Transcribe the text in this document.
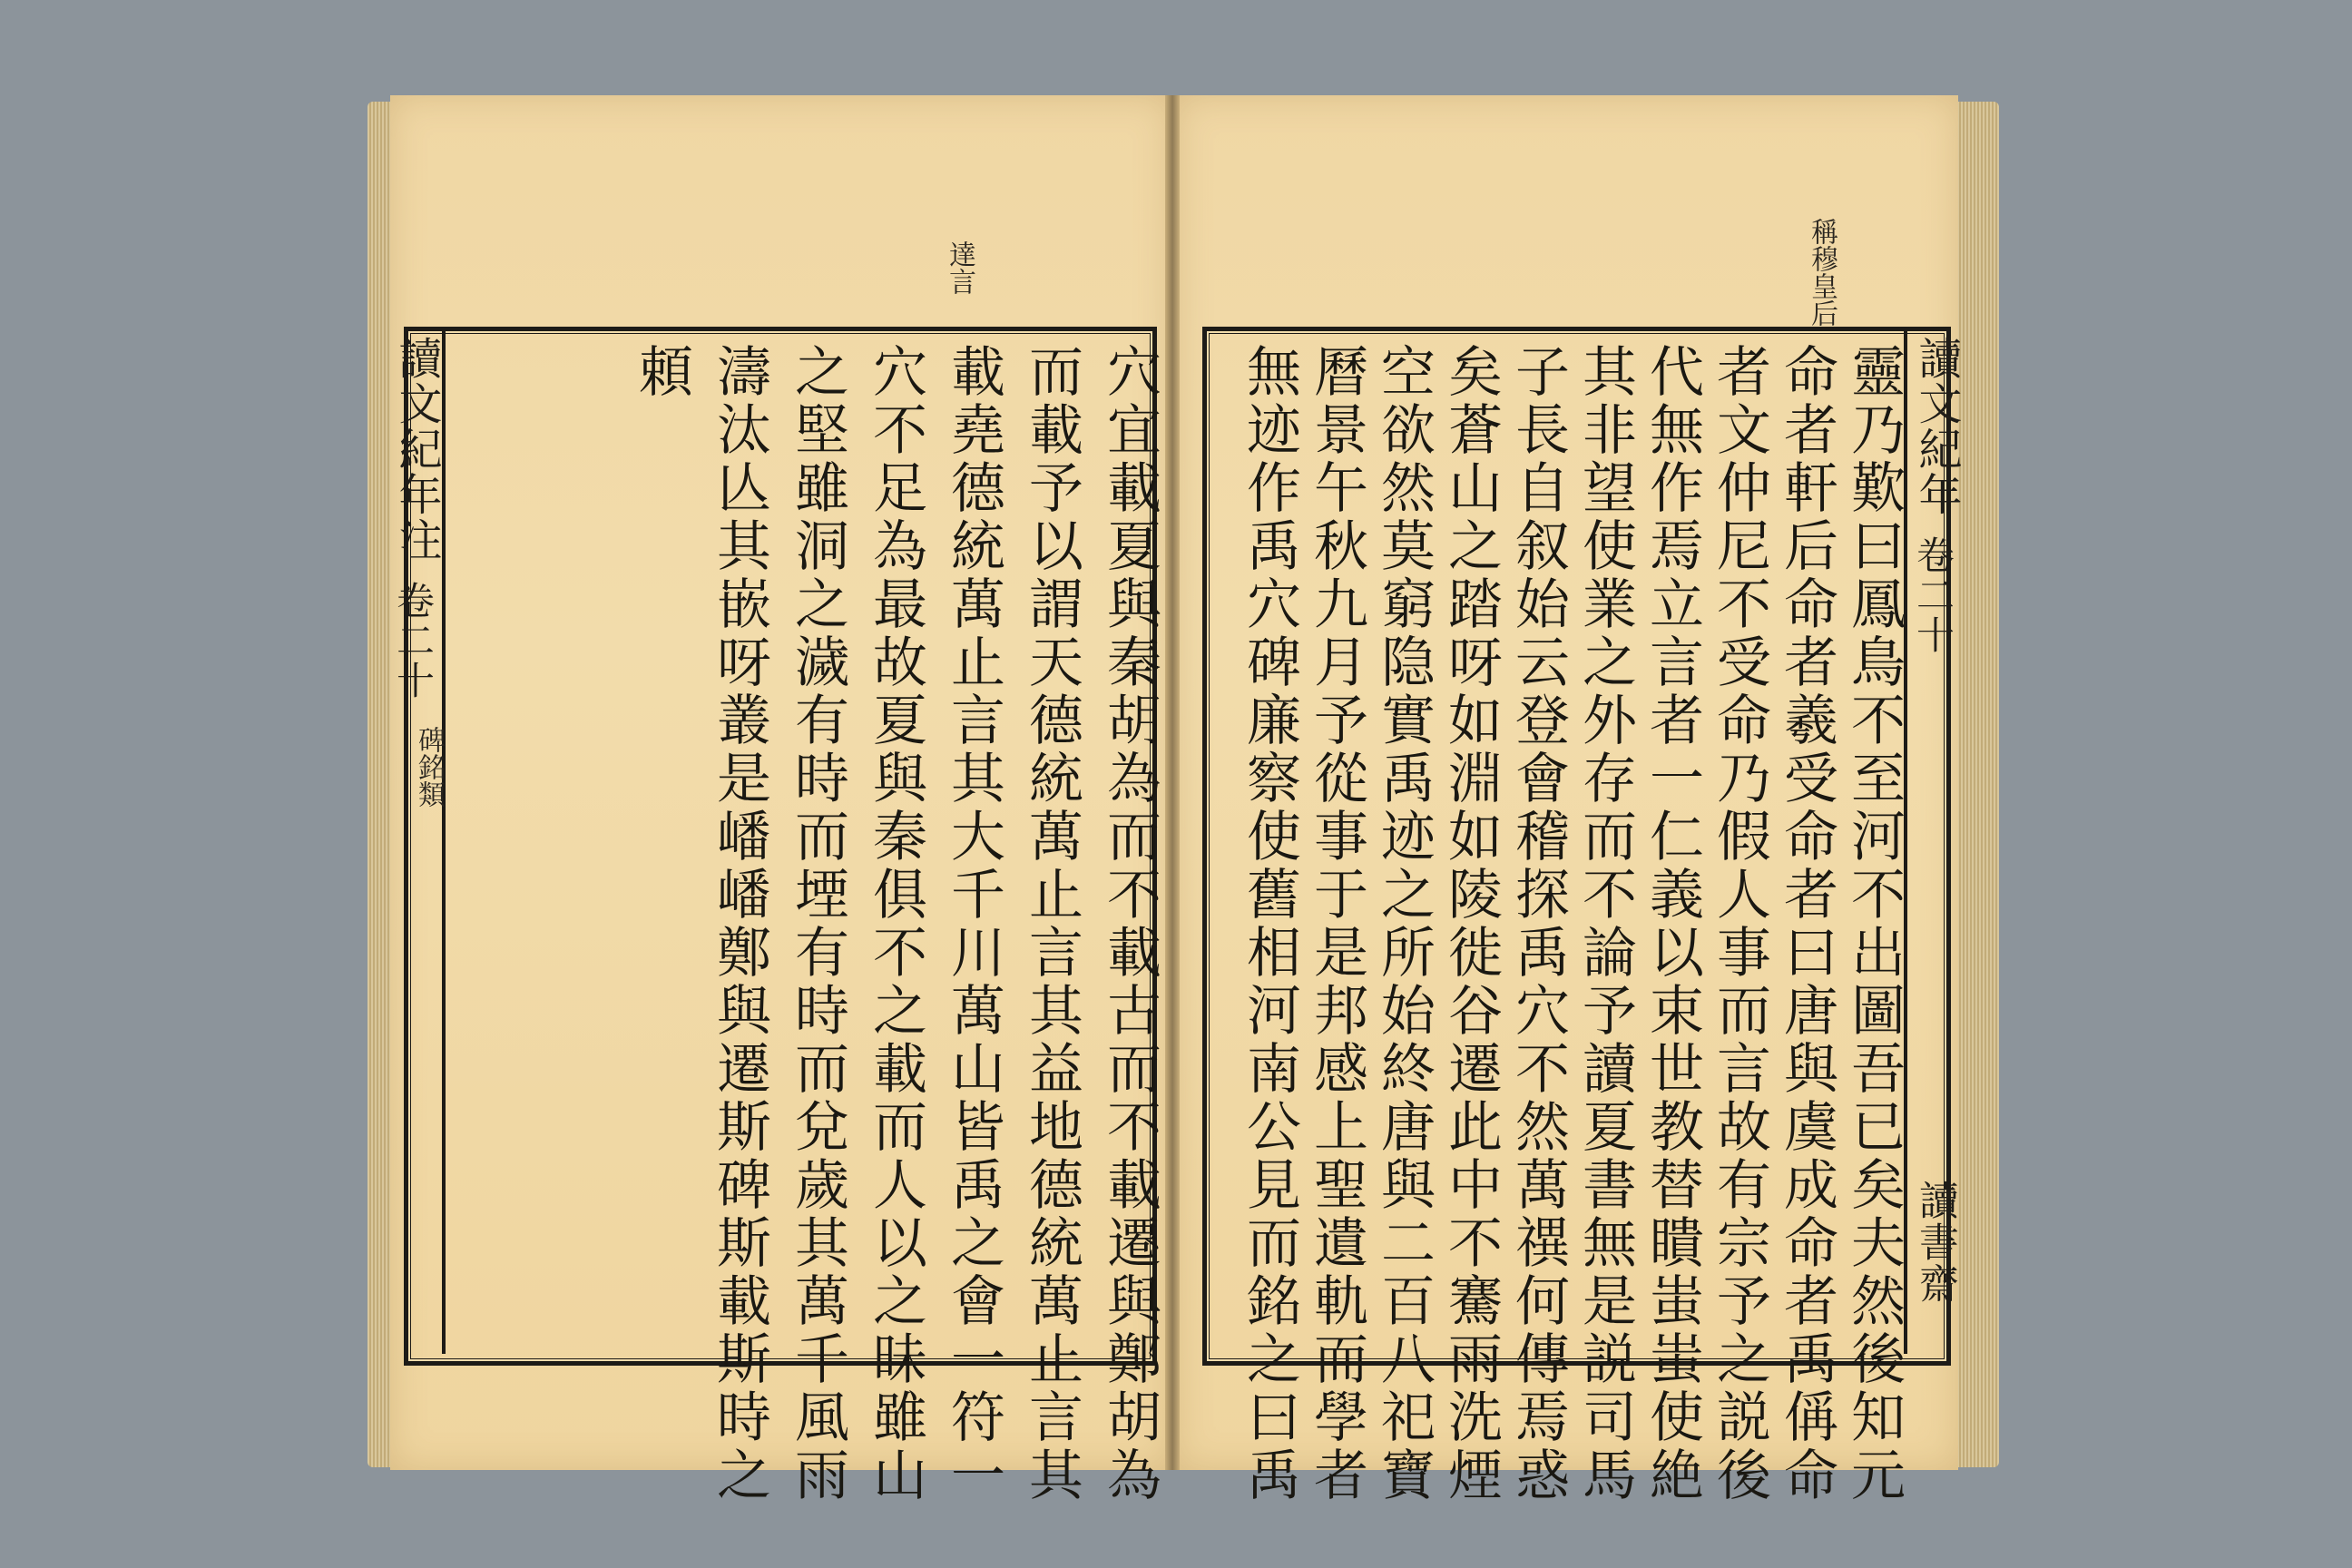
讀文紀年注
卷二十
碑銘類
達言
讀文紀年
卷二十
讀書齋
稱穆皇后
穴宜載夏與秦胡為而不載古而不載遷與鄭胡為
而載予以謂天德統萬止言其益地德統萬止言其
載堯德統萬止言其大千川萬山皆禹之會一符一
穴不足為最故夏與秦俱不之載而人以之昧雖山
之堅雖洞之濊有時而堙有時而兌歲其萬千風雨
濤汰亾其嵌呀叢是嶓嶓鄭與遷斯碑斯載斯時之
頼	靈乃歎曰鳳鳥不至河不出圖吾已矣夫然後知元
命者軒后命者羲受命者曰唐與虞成命者禹偁命
者文仲尼不受命乃假人事而言故有宗予之説後
代無作焉立言者一仁義以束世教替瞶蚩蚩使絶
其非望使業之外存而不論予讀夏書無是説司馬
子長自叙始云登會稽探禹穴不然萬禩何傳焉惑
矣蒼山之踏呀如淵如陵徙谷遷此中不騫雨洗煙
空欲然莫窮隐實禹迹之所始終唐與二百八祀寶
曆景午秋九月予從事于是邦感上聖遺軌而學者
無迹作禹穴碑廉察使舊相河南公見而銘之曰禹
